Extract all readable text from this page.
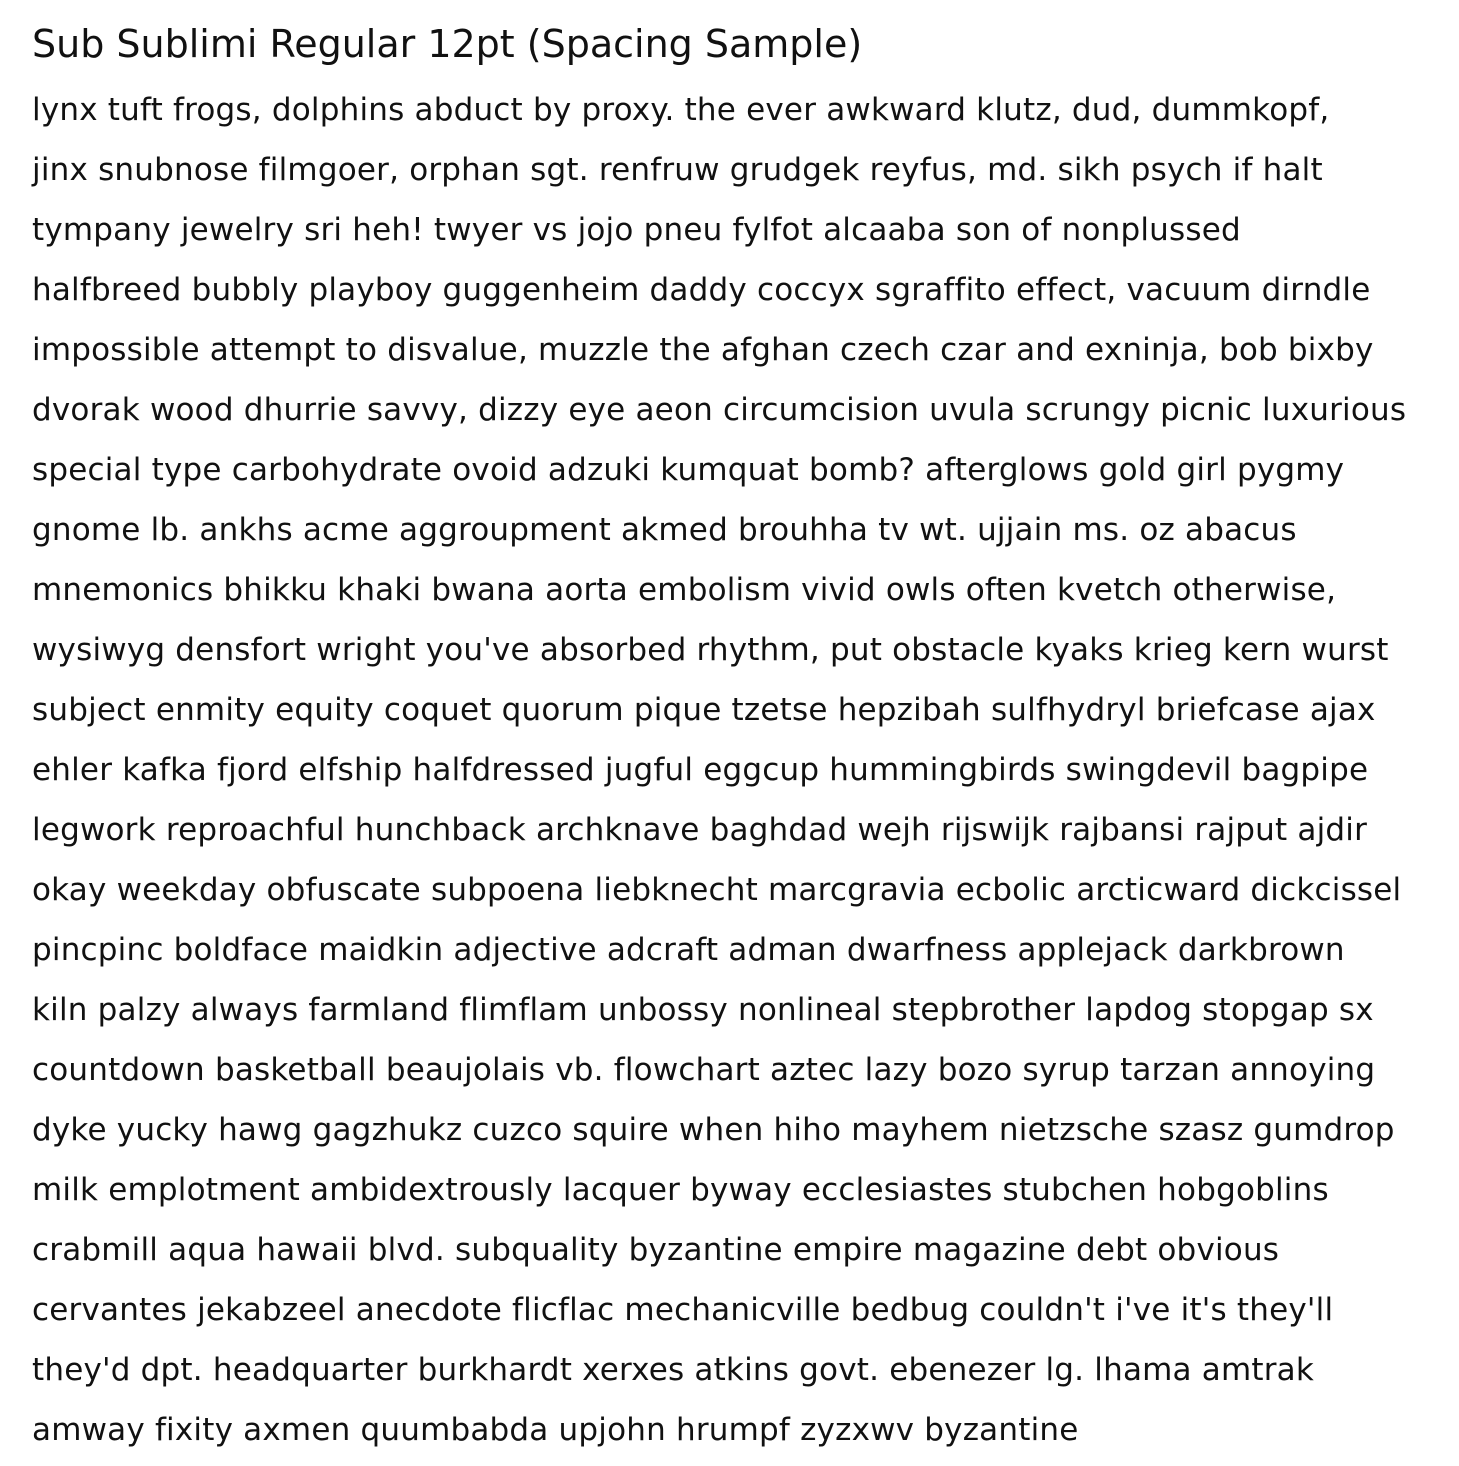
Sub Sublimi Regular 12pt (Spacing Sample)
lynx tuft frogs, dolphins abduct by proxy. the ever awkward klutz, dud, dummkopf,
jinx snubnose filmgoer, orphan sgt. renfruw grudgek reyfus, md. sikh psych if halt
tympany jewelry sri heh! twyer vs jojo pneu fylfot alcaaba son of nonplussed
halfbreed bubbly playboy guggenheim daddy coccyx sgraffito effect, vacuum dirndle
impossible attempt to disvalue, muzzle the afghan czech czar and exninja, bob bixby
dvorak wood dhurrie savvy, dizzy eye aeon circumcision uvula scrungy picnic luxurious
special type carbohydrate ovoid adzuki kumquat bomb? afterglows gold girl pygmy
gnome lb. ankhs acme aggroupment akmed brouhha tv wt. ujjain ms. oz abacus
mnemonics bhikku khaki bwana aorta embolism vivid owls often kvetch otherwise,
wysiwyg densfort wright you've absorbed rhythm, put obstacle kyaks krieg kern wurst
subject enmity equity coquet quorum pique tzetse hepzibah sulfhydryl briefcase ajax
ehler kafka fjord elfship halfdressed jugful eggcup hummingbirds swingdevil bagpipe
legwork reproachful hunchback archknave baghdad wejh rijswijk rajbansi rajput ajdir
okay weekday obfuscate subpoena liebknecht marcgravia ecbolic arcticward dickcissel
pincpinc boldface maidkin adjective adcraft adman dwarfness applejack darkbrown
kiln palzy always farmland flimflam unbossy nonlineal stepbrother lapdog stopgap sx
countdown basketball beaujolais vb. flowchart aztec lazy bozo syrup tarzan annoying
dyke yucky hawg gagzhukz cuzco squire when hiho mayhem nietzsche szasz gumdrop
milk emplotment ambidextrously lacquer byway ecclesiastes stubchen hobgoblins
crabmill aqua hawaii blvd. subquality byzantine empire magazine debt obvious
cervantes jekabzeel anecdote flicflac mechanicville bedbug couldn't i've it's they'll
they'd dpt. headquarter burkhardt xerxes atkins govt. ebenezer lg. lhama amtrak
amway fixity axmen quumbabda upjohn hrumpf zyzxwv byzantine
